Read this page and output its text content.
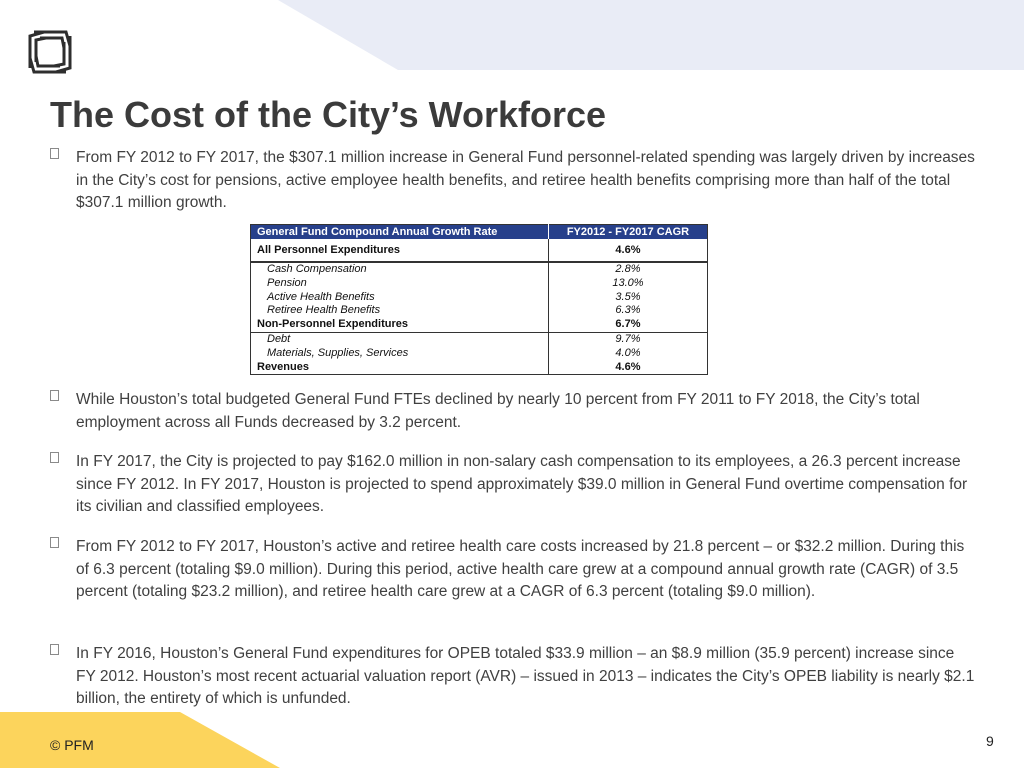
The Cost of the City’s Workforce
From FY 2012 to FY 2017, the $307.1 million increase in General Fund personnel-related spending was largely driven by increases in the City’s cost for pensions, active employee health benefits, and retiree health benefits comprising more than half of the total $307.1 million growth.
General Fund Compound Annual Growth Rate	FY2012 - FY2017 CAGR
All Personnel Expenditures	4.6%
Cash Compensation	2.8%
Pension	13.0%
Active Health Benefits	3.5%
Retiree Health Benefits	6.3%
Non-Personnel Expenditures	6.7%
Debt	9.7%
Materials, Supplies, Services	4.0%
Revenues	4.6%
While Houston’s total budgeted General Fund FTEs declined by nearly 10 percent from FY 2011 to FY 2018, the City’s total employment across all Funds decreased by 3.2 percent.
In FY 2017, the City is projected to pay $162.0 million in non-salary cash compensation to its employees, a 26.3 percent increase since FY 2012. In FY 2017, Houston is projected to spend approximately $39.0 million in General Fund overtime compensation for its civilian and classified employees.
From FY 2012 to FY 2017, Houston’s active and retiree health care costs increased by 21.8 percent – or $32.2 million. During this of 6.3 percent (totaling $9.0 million). During this period, active health care grew at a compound annual growth rate (CAGR) of 3.5 percent (totaling $23.2 million), and retiree health care grew at a CAGR of 6.3 percent (totaling $9.0 million).
In FY 2016, Houston’s General Fund expenditures for OPEB totaled $33.9 million – an $8.9 million (35.9 percent) increase since FY 2012. Houston’s most recent actuarial valuation report (AVR) – issued in 2013 – indicates the City’s OPEB liability is nearly $2.1 billion, the entirety of which is unfunded.
© PFM	9
